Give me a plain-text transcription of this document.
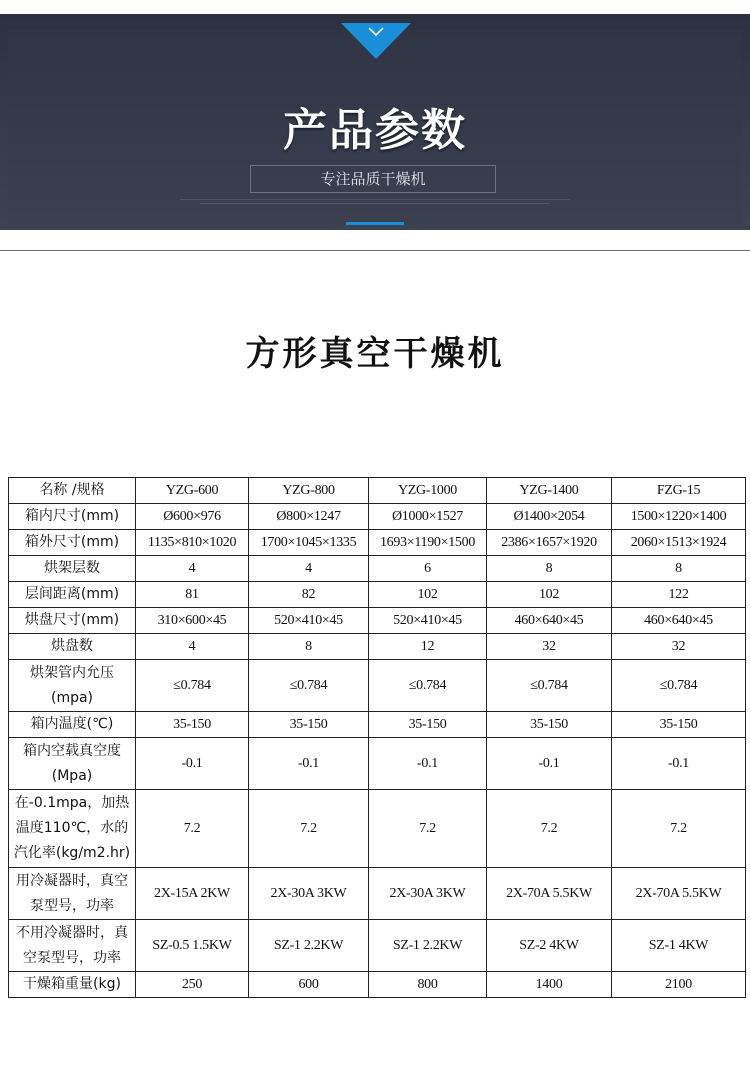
产品参数
专注品质干燥机
方形真空干燥机
名称 /规格	YZG-600	YZG-800	YZG-1000	YZG-1400	FZG-15
箱内尺寸(mm)	Ø600×976	Ø800×1247	Ø1000×1527	Ø1400×2054	1500×1220×1400
箱外尺寸(mm)	1135×810×1020	1700×1045×1335	1693×1190×1500	2386×1657×1920	2060×1513×1924
烘架层数	4	4	6	8	8
层间距离(mm)	81	82	102	102	122
烘盘尺寸(mm)	310×600×45	520×410×45	520×410×45	460×640×45	460×640×45
烘盘数	4	8	12	32	32
烘架管内允压(mpa)	≤0.784	≤0.784	≤0.784	≤0.784	≤0.784
箱内温度(℃)	35-150	35-150	35-150	35-150	35-150
箱内空载真空度(Mpa)	-0.1	-0.1	-0.1	-0.1	-0.1
在-0.1mpa，加热温度110℃，水的汽化率(kg/m2.hr)	7.2	7.2	7.2	7.2	7.2
用冷凝器时，真空泵型号，功率	2X-15A 2KW	2X-30A 3KW	2X-30A 3KW	2X-70A 5.5KW	2X-70A 5.5KW
不用冷凝器时，真空泵型号，功率	SZ-0.5 1.5KW	SZ-1 2.2KW	SZ-1 2.2KW	SZ-2 4KW	SZ-1 4KW
干燥箱重量(kg)	250	600	800	1400	2100
